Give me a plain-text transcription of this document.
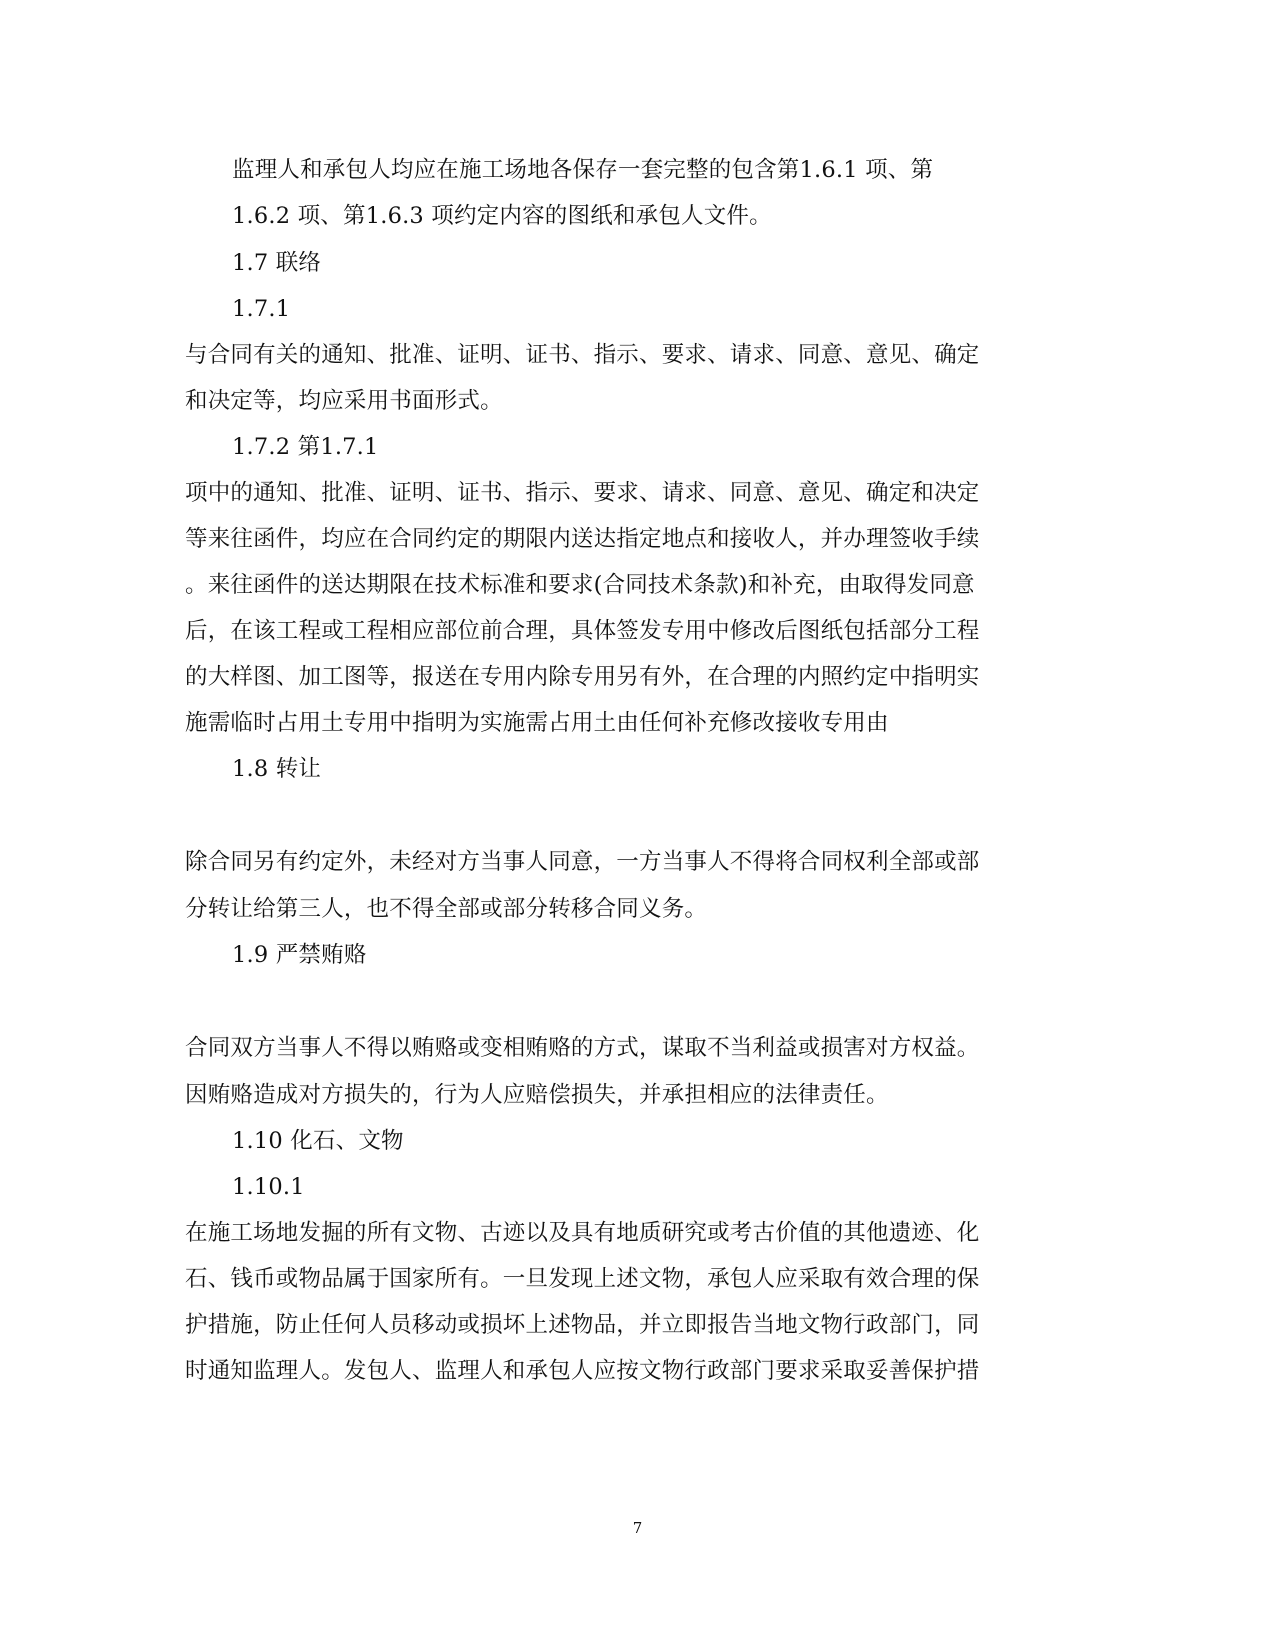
监理人和承包人均应在施工场地各保存一套完整的包含第1.6.1 项、第
1.6.2 项、第1.6.3 项约定内容的图纸和承包人文件。
1.7 联络
1.7.1
与合同有关的通知、批准、证明、证书、指示、要求、请求、同意、意见、确定
和决定等，均应采用书面形式。
1.7.2 第1.7.1
项中的通知、批准、证明、证书、指示、要求、请求、同意、意见、确定和决定
等来往函件，均应在合同约定的期限内送达指定地点和接收人，并办理签收手续
。来往函件的送达期限在技术标准和要求(合同技术条款)和补充，由取得发同意
后，在该工程或工程相应部位前合理，具体签发专用中修改后图纸包括部分工程
的大样图、加工图等，报送在专用内除专用另有外，在合理的内照约定中指明实
施需临时占用土专用中指明为实施需占用土由任何补充修改接收专用由
1.8 转让
除合同另有约定外，未经对方当事人同意，一方当事人不得将合同权利全部或部
分转让给第三人，也不得全部或部分转移合同义务。
1.9 严禁贿赂
合同双方当事人不得以贿赂或变相贿赂的方式，谋取不当利益或损害对方权益。
因贿赂造成对方损失的，行为人应赔偿损失，并承担相应的法律责任。
1.10 化石、文物
1.10.1
在施工场地发掘的所有文物、古迹以及具有地质研究或考古价值的其他遗迹、化
石、钱币或物品属于国家所有。一旦发现上述文物，承包人应采取有效合理的保
护措施，防止任何人员移动或损坏上述物品，并立即报告当地文物行政部门，同
时通知监理人。发包人、监理人和承包人应按文物行政部门要求采取妥善保护措
7
